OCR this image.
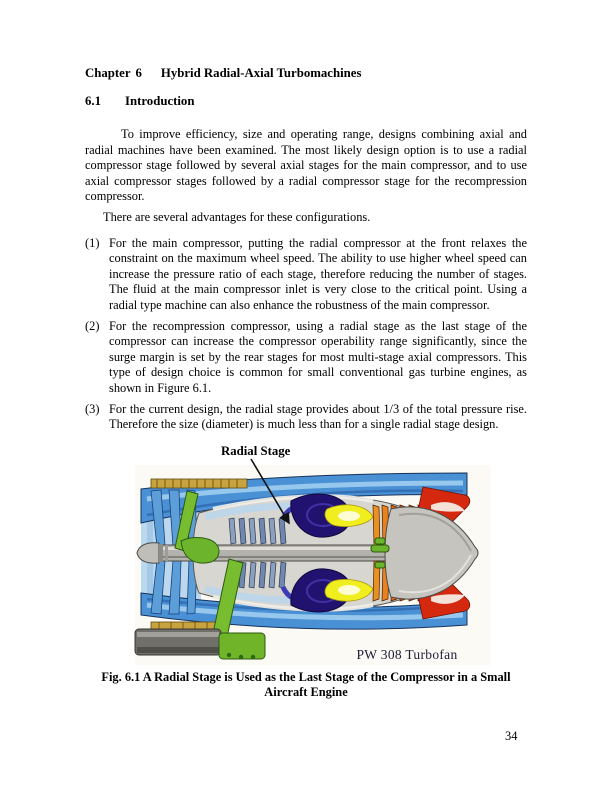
Chapter 6 Hybrid Radial-Axial Turbomachines
6.1 Introduction

To improve efficiency, size and operating range, designs combining axial and radial machines have been examined. The most likely design option is to use a radial compressor stage followed by several axial stages for the main compressor, and to use axial compressor stages followed by a radial compressor stage for the recompression compressor.

There are several advantages for these configurations.

(1) For the main compressor, putting the radial compressor at the front relaxes the constraint on the maximum wheel speed. The ability to use higher wheel speed can increase the pressure ratio of each stage, therefore reducing the number of stages. The fluid at the main compressor inlet is very close to the critical point. Using a radial type machine can also enhance the robustness of the main compressor.
(2) For the recompression compressor, using a radial stage as the last stage of the compressor can increase the compressor operability range significantly, since the surge margin is set by the rear stages for most multi-stage axial compressors. This type of design choice is common for small conventional gas turbine engines, as shown in Figure 6.1.
(3) For the current design, the radial stage provides about 1/3 of the total pressure rise. Therefore the size (diameter) is much less than for a single radial stage design.
Radial Stage
PW 308 Turbofan
Fig. 6.1 A Radial Stage is Used as the Last Stage of the Compressor in a Small
Aircraft Engine
34
